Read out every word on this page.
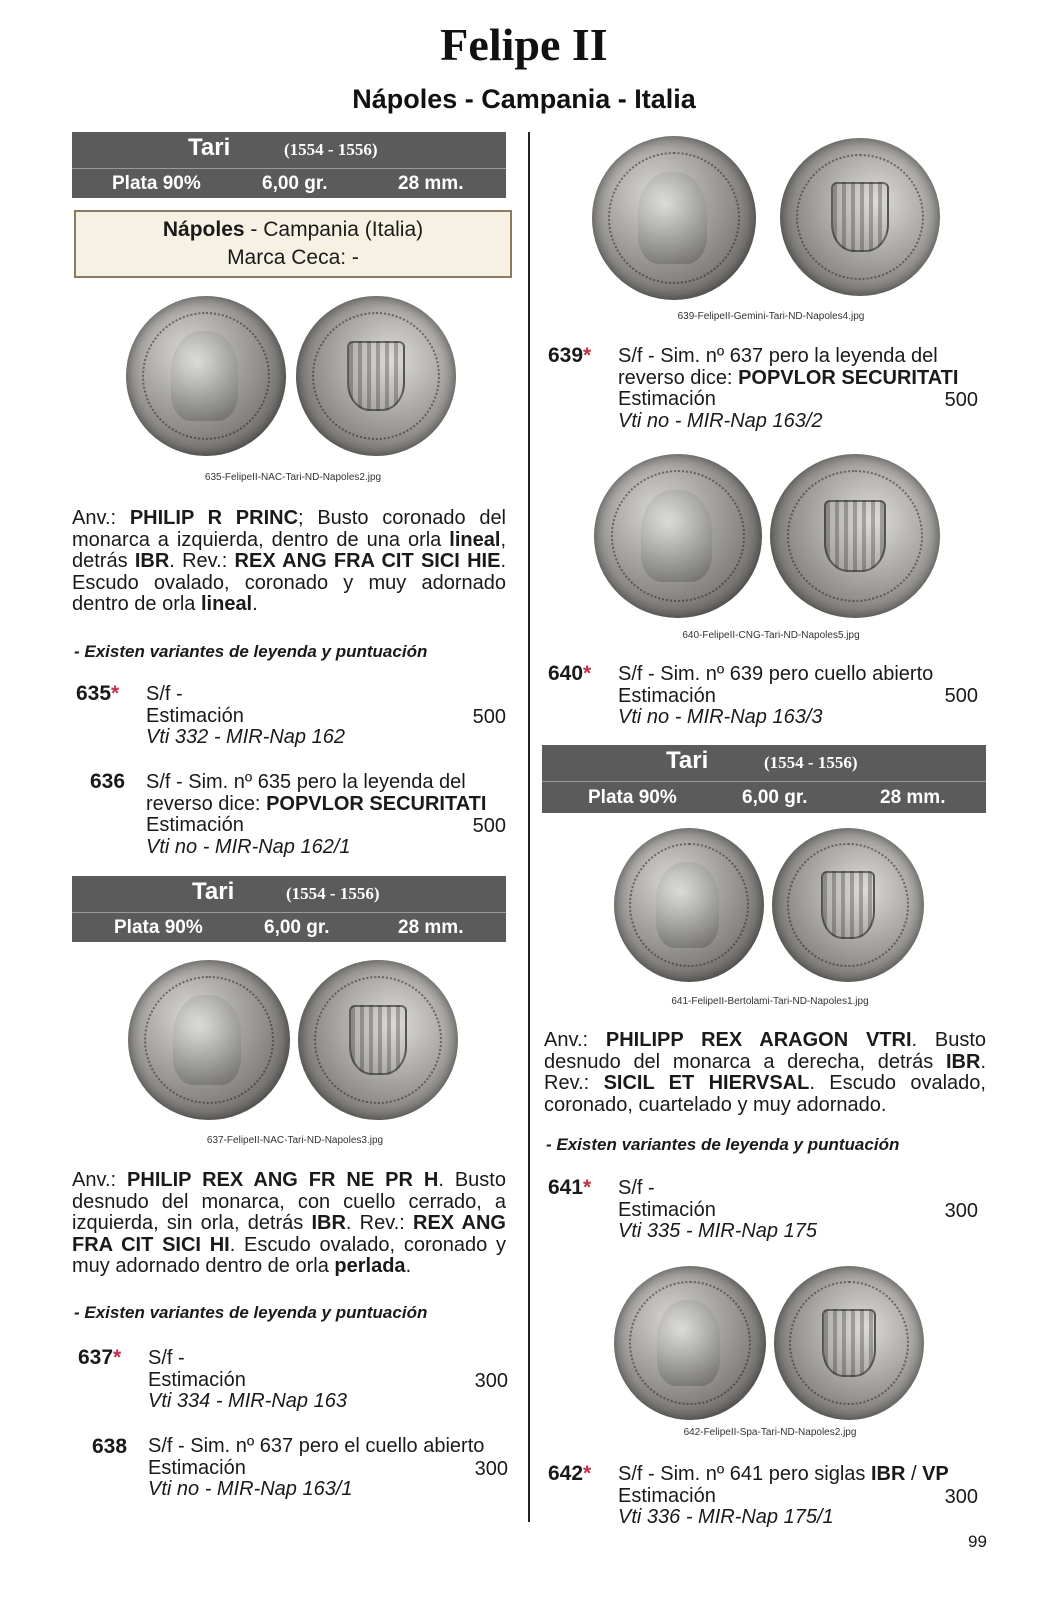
Felipe II
Nápoles - Campania - Italia
Tari	(1554 - 1556)
Plata 90%	6,00 gr.	28 mm.
Nápoles - Campania (Italia)
Marca Ceca: -
635-FelipeII-NAC-Tari-ND-Napoles2.jpg
Anv.: PHILIP R PRINC; Busto coronado del monarca a izquierda, dentro de una orla lineal, detrás IBR. Rev.: REX ANG FRA CIT SICI HIE. Escudo ovalado, coronado y muy adornado dentro de orla lineal.
- Existen variantes de leyenda y puntuación
635* S/f -
Estimación
Vti 332 - MIR-Nap 162
500
636 S/f - Sim. nº 635 pero la leyenda del
reverso dice: POPVLOR SECURITATI
Estimación
Vti no - MIR-Nap 162/1
500
Tari	(1554 - 1556)
Plata 90%	6,00 gr.	28 mm.
637-FelipeII-NAC-Tari-ND-Napoles3.jpg
Anv.: PHILIP REX ANG FR NE PR H. Busto desnudo del monarca, con cuello cerrado, a izquierda, sin orla, detrás IBR. Rev.: REX ANG FRA CIT SICI HI. Escudo ovalado, coronado y muy adornado dentro de orla perlada.
- Existen variantes de leyenda y puntuación
637* S/f -
Estimación
Vti 334 - MIR-Nap 163
300
638 S/f - Sim. nº 637 pero el cuello abierto
Estimación
Vti no - MIR-Nap 163/1
300
639-FelipeII-Gemini-Tari-ND-Napoles4.jpg
639* S/f - Sim. nº 637 pero la leyenda del
reverso dice: POPVLOR SECURITATI
Estimación
Vti no - MIR-Nap 163/2
500
640-FelipeII-CNG-Tari-ND-Napoles5.jpg
640* S/f - Sim. nº 639 pero cuello abierto
Estimación
Vti no - MIR-Nap 163/3
500
Tari	(1554 - 1556)
Plata 90%	6,00 gr.	28 mm.
641-FelipeII-Bertolami-Tari-ND-Napoles1.jpg
Anv.: PHILIPP REX ARAGON VTRI. Busto desnudo del monarca a derecha, detrás IBR. Rev.: SICIL ET HIERVSAL. Escudo ovalado, coronado, cuartelado y muy adornado.
- Existen variantes de leyenda y puntuación
641* S/f -
Estimación
Vti 335 - MIR-Nap 175
300
642-FelipeII-Spa-Tari-ND-Napoles2.jpg
642* S/f - Sim. nº 641 pero siglas IBR / VP
Estimación
Vti 336 - MIR-Nap 175/1
300
99
